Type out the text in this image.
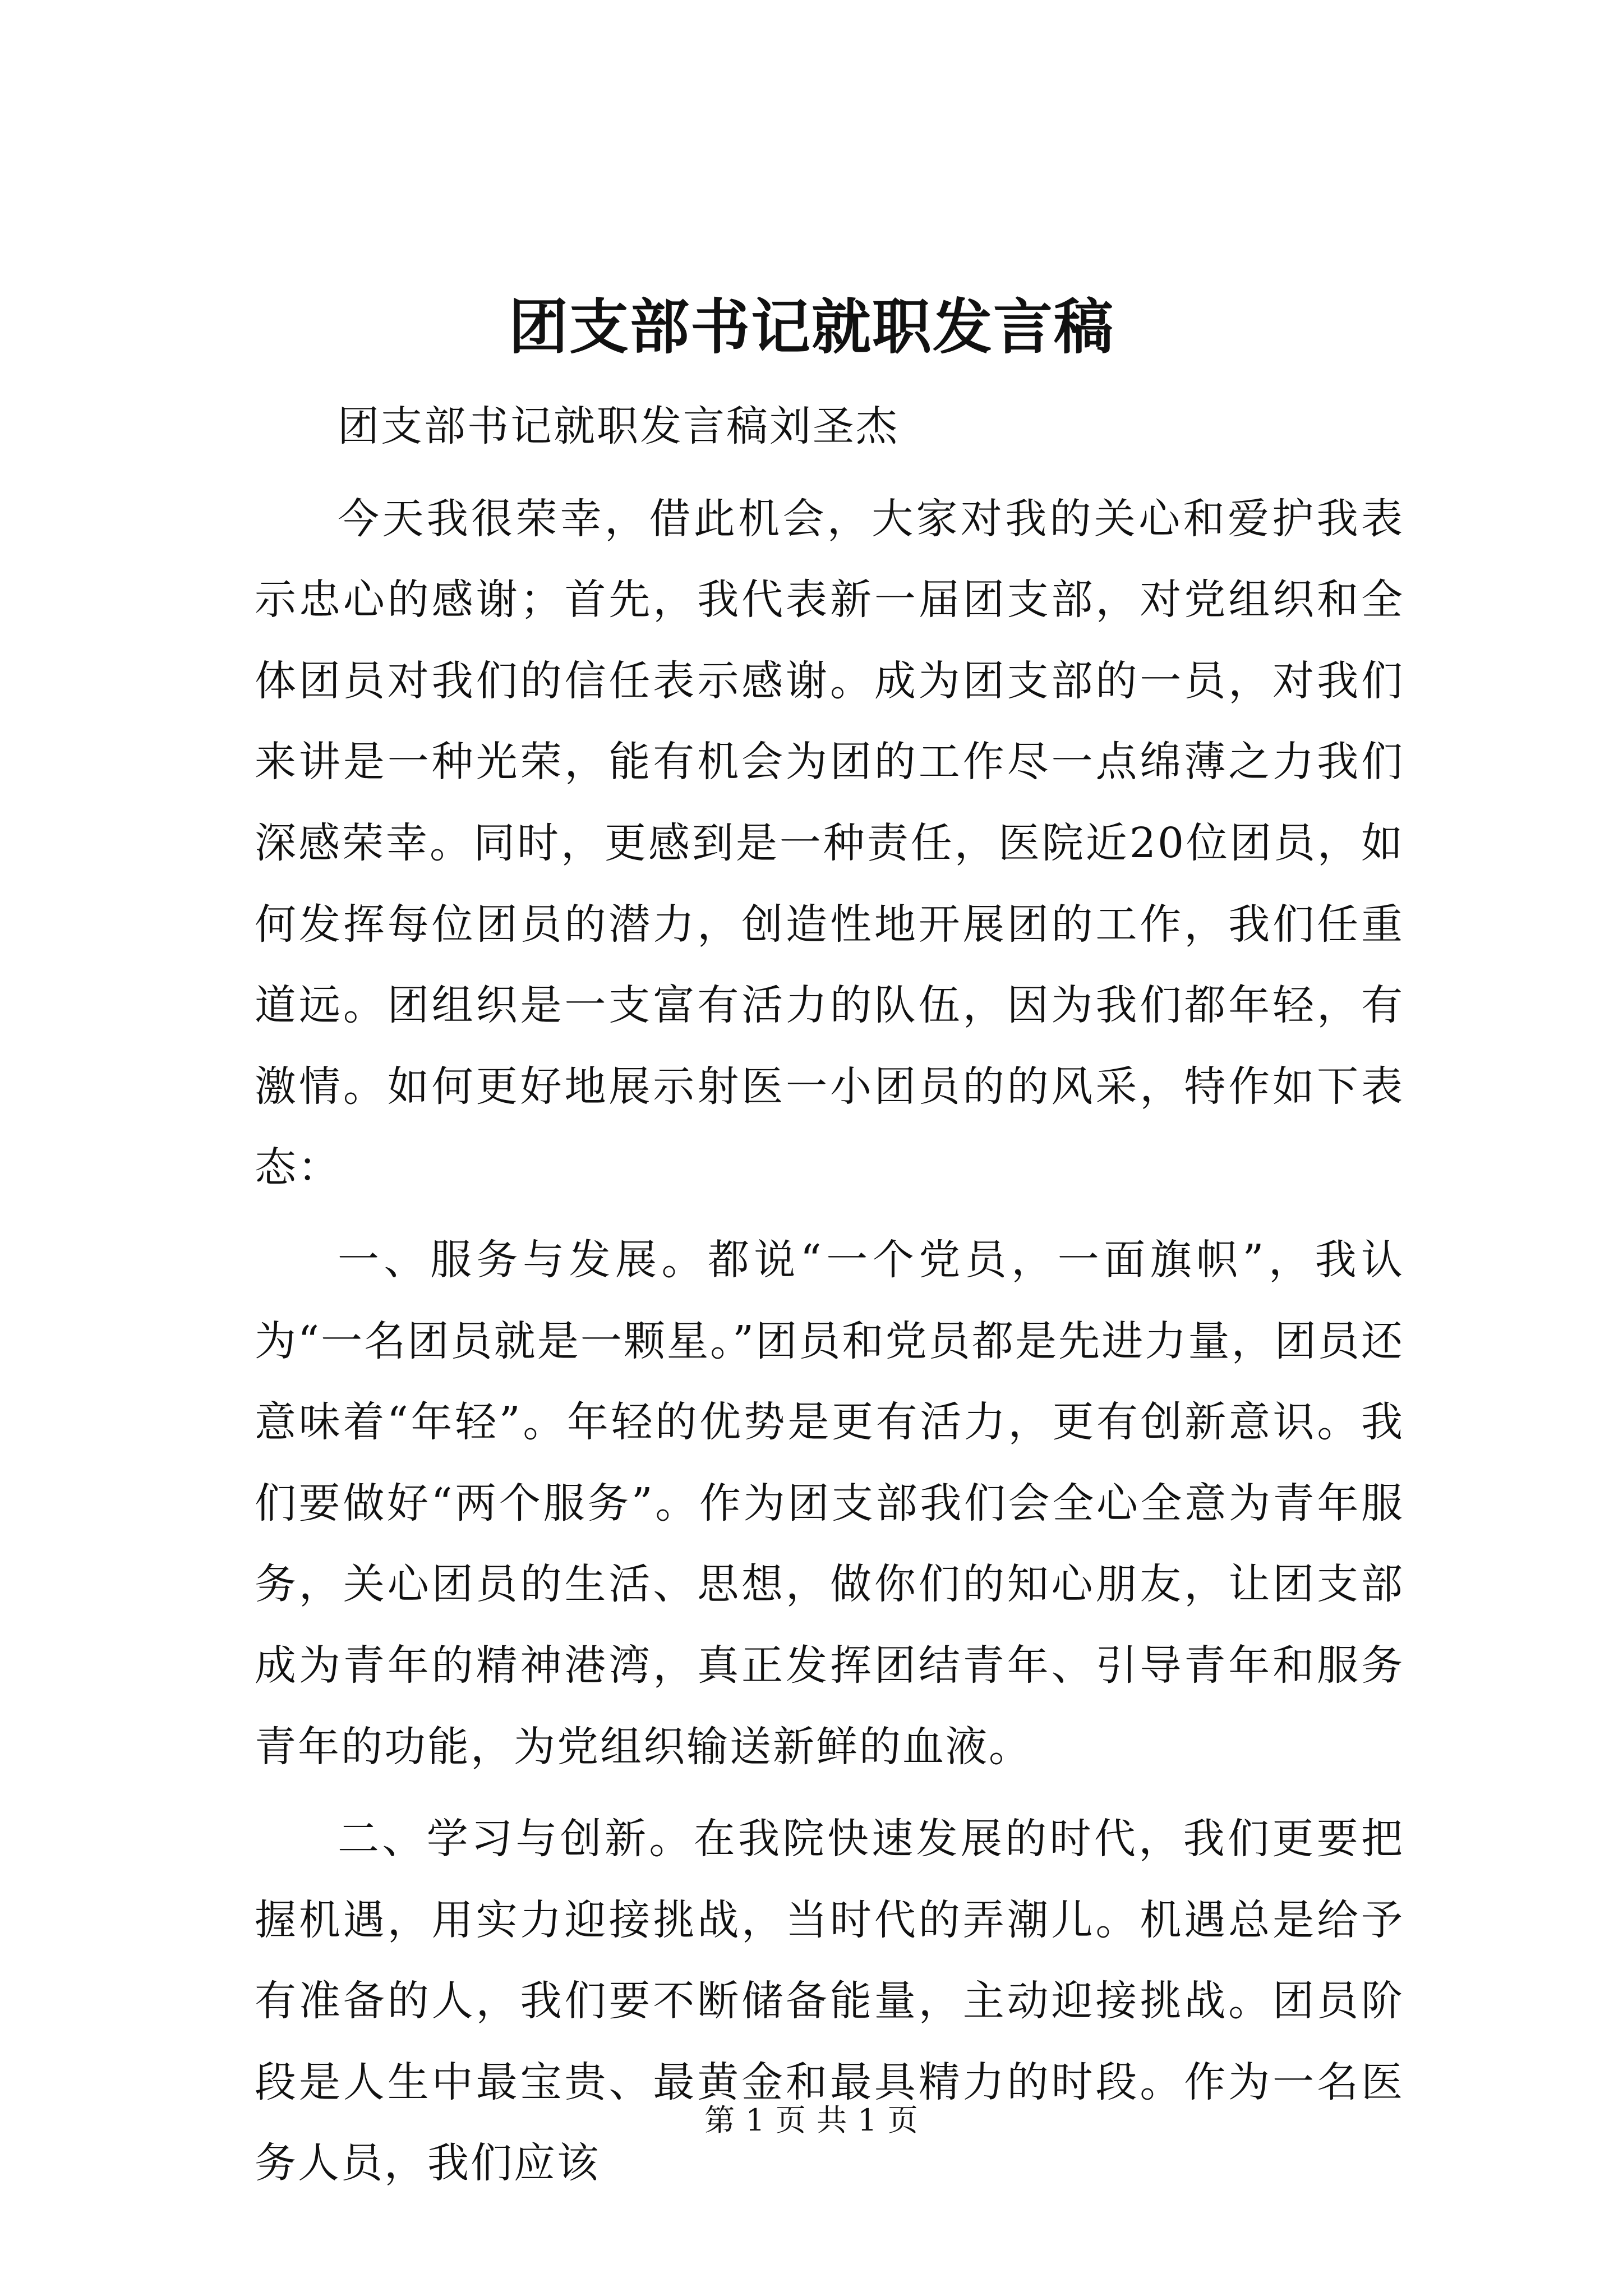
团支部书记就职发言稿

团支部书记就职发言稿刘圣杰

今天我很荣幸，借此机会，大家对我的关心和爱护我表示忠心的感谢；首先，我代表新一届团支部，对党组织和全体团员对我们的信任表示感谢。成为团支部的一员，对我们来讲是一种光荣，能有机会为团的工作尽一点绵薄之力我们深感荣幸。同时，更感到是一种责任，医院近20位团员，如何发挥每位团员的潜力，创造性地开展团的工作，我们任重道远。团组织是一支富有活力的队伍，因为我们都年轻，有激情。如何更好地展示射医一小团员的的风采，特作如下表态：

一、服务与发展。都说“一个党员，一面旗帜”，我认为“一名团员就是一颗星。”团员和党员都是先进力量，团员还意味着“年轻”。年轻的优势是更有活力，更有创新意识。我们要做好“两个服务”。作为团支部我们会全心全意为青年服务，关心团员的生活、思想，做你们的知心朋友，让团支部成为青年的精神港湾，真正发挥团结青年、引导青年和服务青年的功能，为党组织输送新鲜的血液。

二、学习与创新。在我院快速发展的时代，我们更要把握机遇，用实力迎接挑战，当时代的弄潮儿。机遇总是给予有准备的人，我们要不断储备能量，主动迎接挑战。团员阶段是人生中最宝贵、最黄金和最具精力的时段。作为一名医务人员，我们应该

第 1 页 共 1 页
